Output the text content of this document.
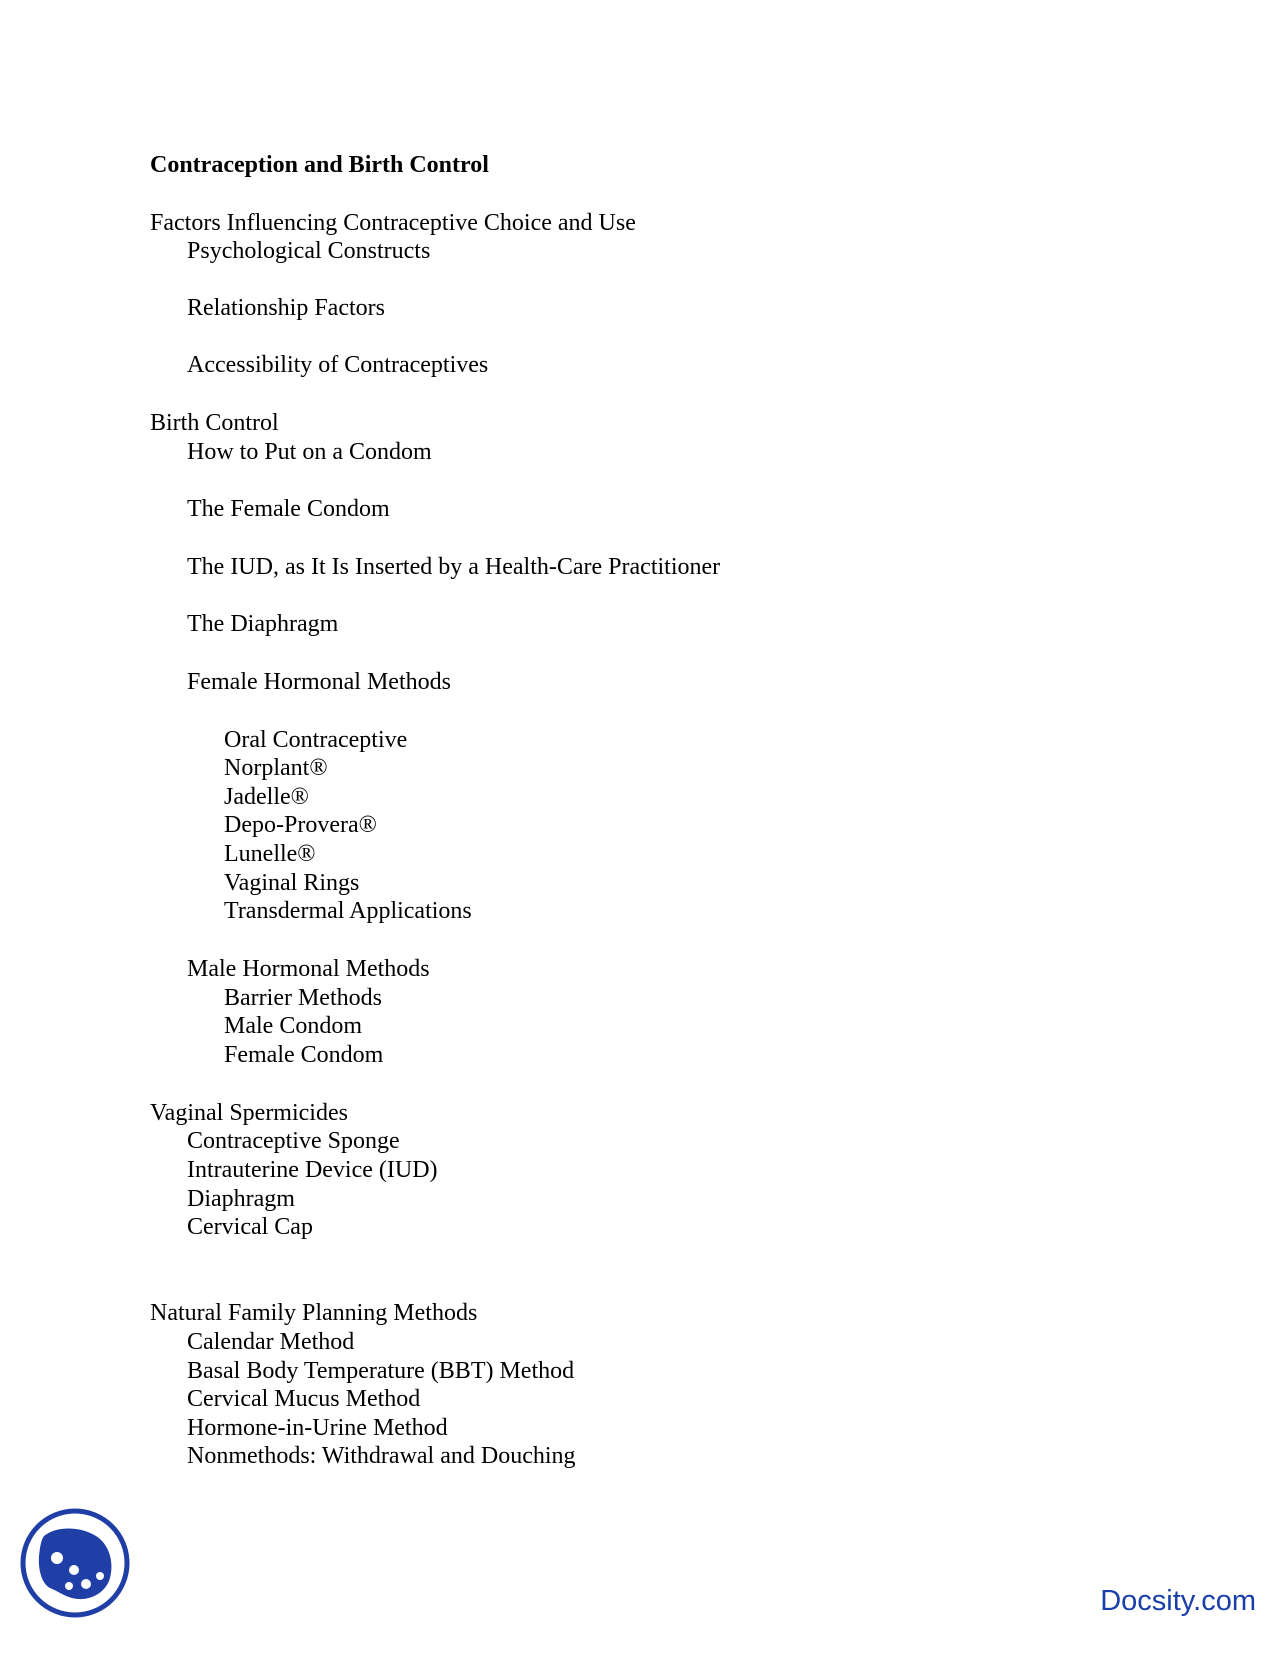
Contraception and Birth Control
Factors Influencing Contraceptive Choice and Use
Psychological Constructs
Relationship Factors
Accessibility of Contraceptives
Birth Control
How to Put on a Condom
The Female Condom
The IUD, as It Is Inserted by a Health-Care Practitioner
The Diaphragm
Female Hormonal Methods
Oral Contraceptive
Norplant®
Jadelle®
Depo-Provera®
Lunelle®
Vaginal Rings
Transdermal Applications
Male Hormonal Methods
Barrier Methods
Male Condom
Female Condom
Vaginal Spermicides
Contraceptive Sponge
Intrauterine Device (IUD)
Diaphragm
Cervical Cap
Natural Family Planning Methods
Calendar Method
Basal Body Temperature (BBT) Method
Cervical Mucus Method
Hormone-in-Urine Method
Nonmethods: Withdrawal and Douching
Docsity.com
